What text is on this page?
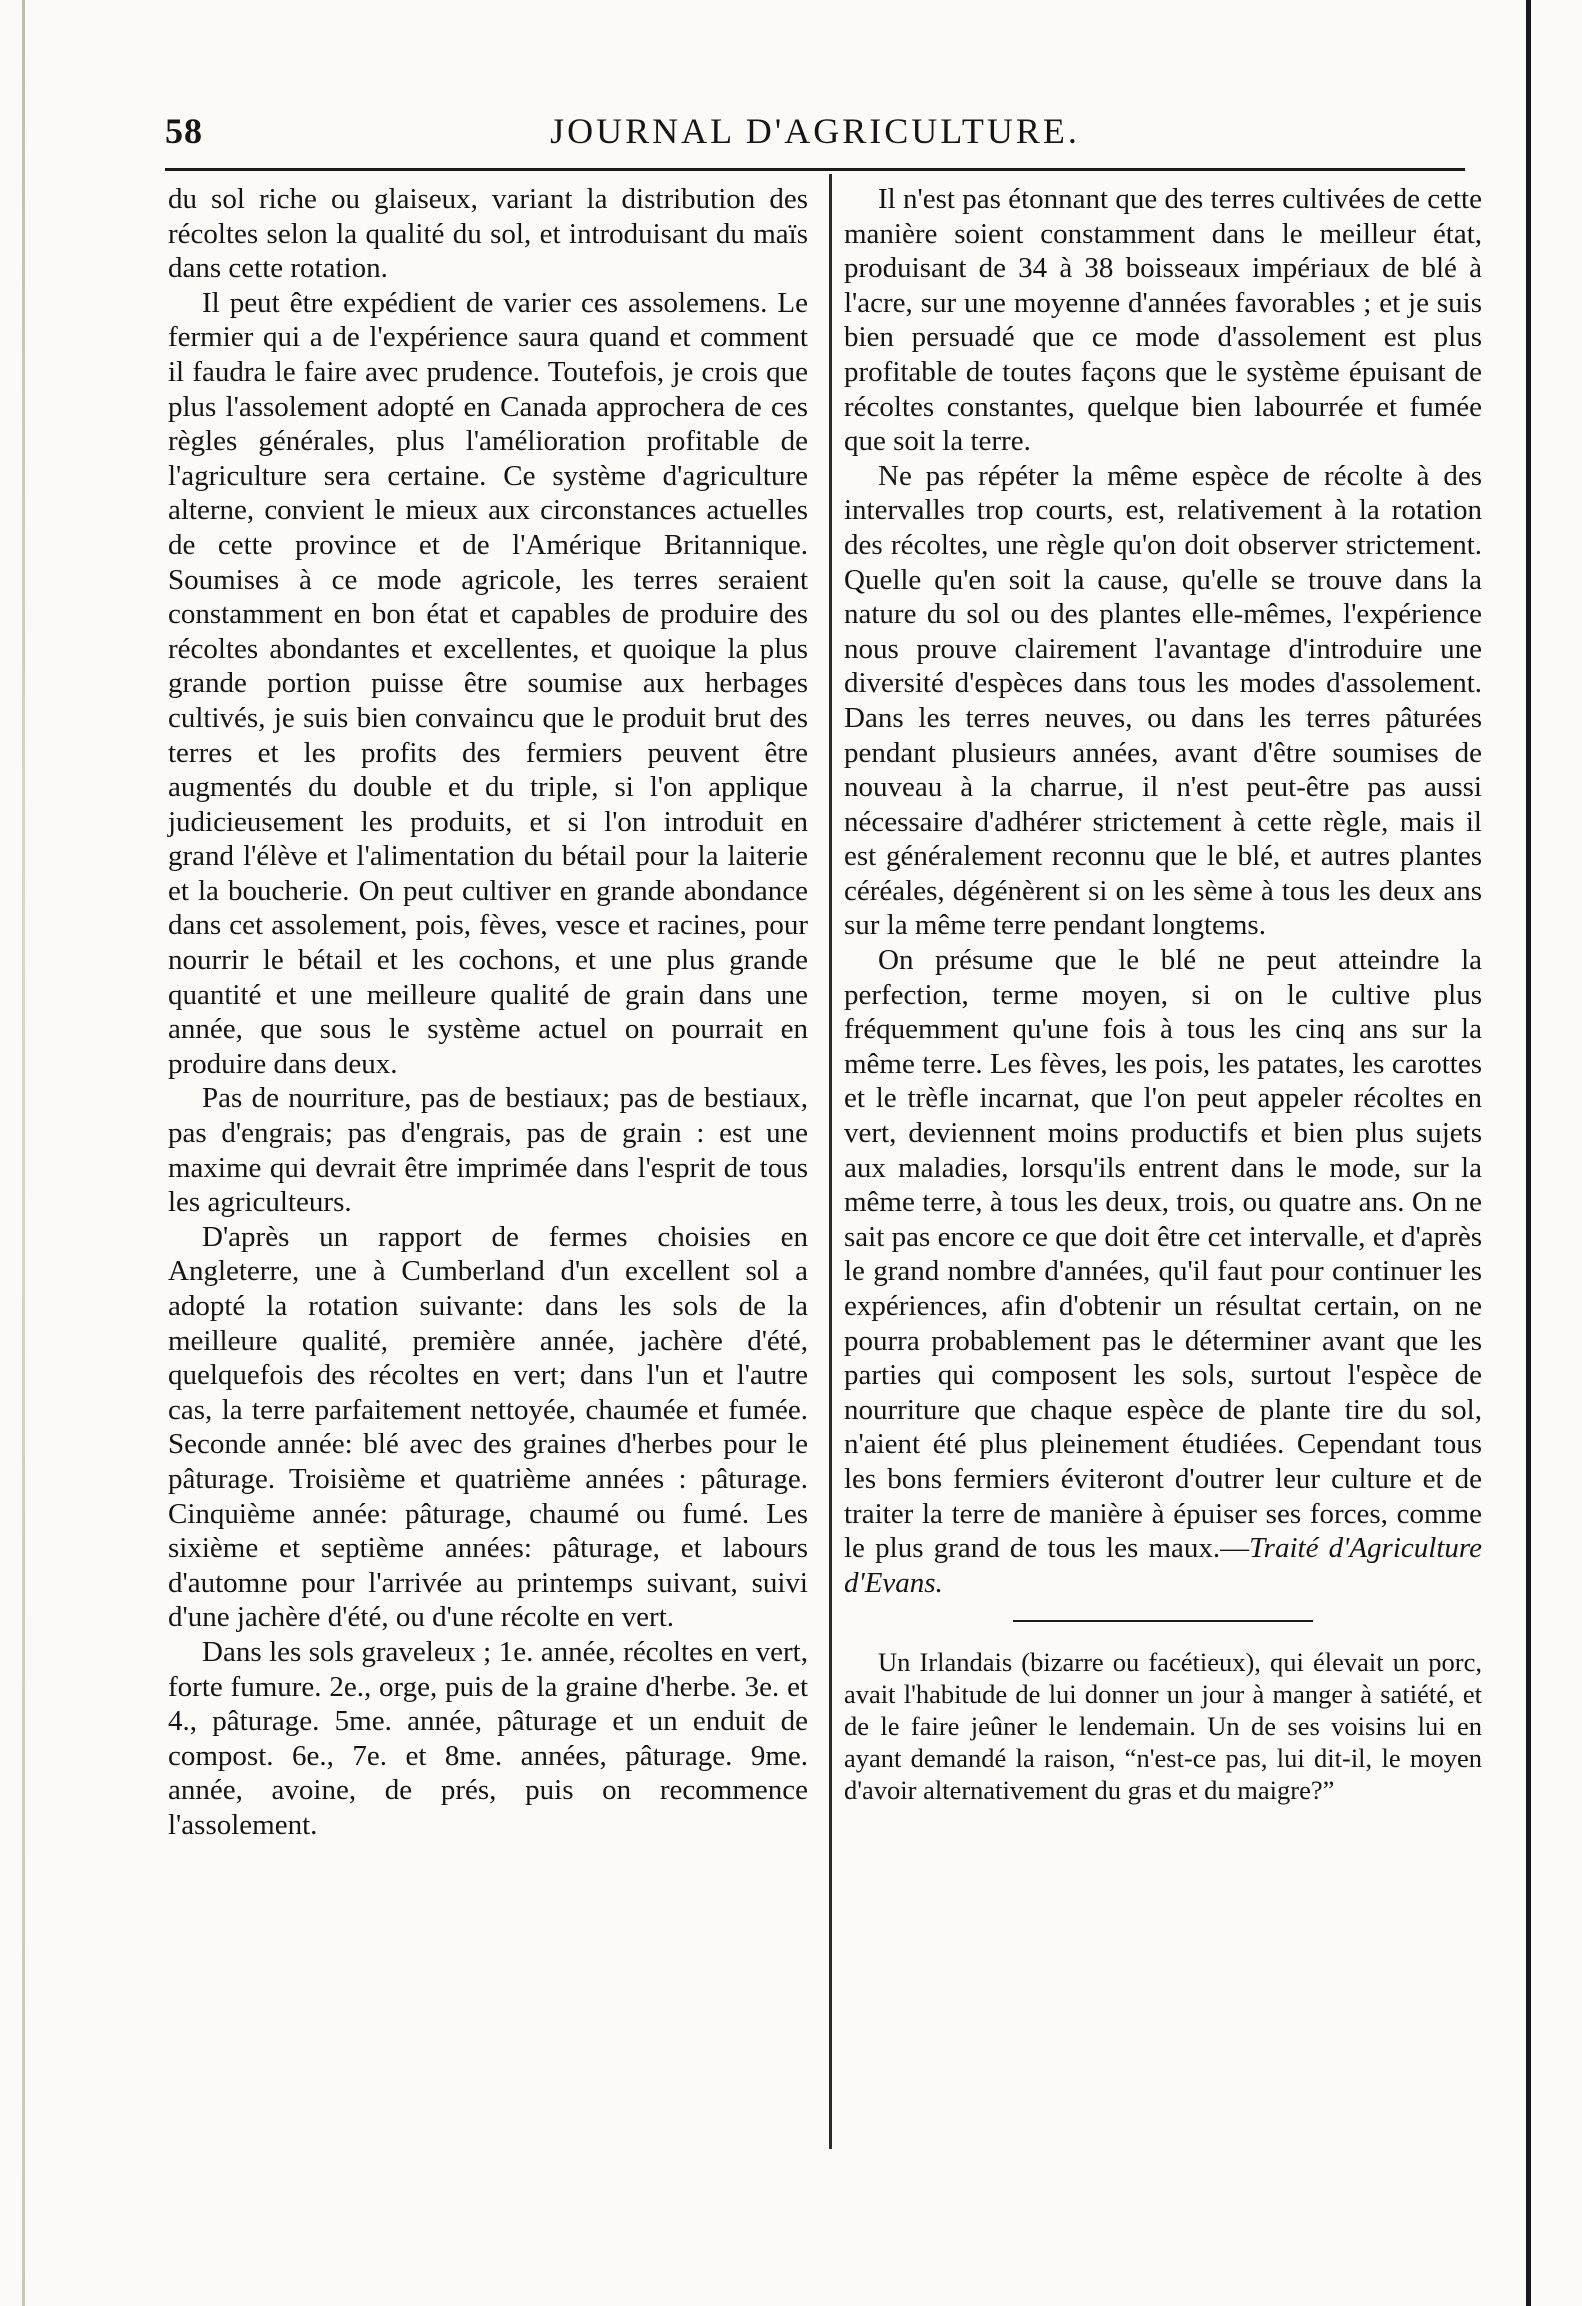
JOURNAL D'AGRICULTURE.
58

du sol riche ou glaiseux, variant la distribution des récoltes selon la qualité du sol, et introduisant du maïs dans cette rotation.

Il peut être expédient de varier ces assolemens. Le fermier qui a de l'expérience saura quand et comment il faudra le faire avec prudence. Toutefois, je crois que plus l'assolement adopté en Canada approchera de ces règles générales, plus l'amélioration profitable de l'agriculture sera certaine. Ce système d'agriculture alterne, convient le mieux aux circonstances actuelles de cette province et de l'Amérique Britannique. Soumises à ce mode agricole, les terres seraient constamment en bon état et capables de produire des récoltes abondantes et excellentes, et quoique la plus grande portion puisse être soumise aux herbages cultivés, je suis bien convaincu que le produit brut des terres et les profits des fermiers peuvent être augmentés du double et du triple, si l'on applique judicieusement les produits, et si l'on introduit en grand l'élève et l'alimentation du bétail pour la laiterie et la boucherie. On peut cultiver en grande abondance dans cet assolement, pois, fèves, vesce et racines, pour nourrir le bétail et les cochons, et une plus grande quantité et une meilleure qualité de grain dans une année, que sous le système actuel on pourrait en produire dans deux.

Pas de nourriture, pas de bestiaux; pas de bestiaux, pas d'engrais; pas d'engrais, pas de grain : est une maxime qui devrait être imprimée dans l'esprit de tous les agriculteurs.

D'après un rapport de fermes choisies en Angleterre, une à Cumberland d'un excellent sol a adopté la rotation suivante: dans les sols de la meilleure qualité, première année, jachère d'été, quelquefois des récoltes en vert; dans l'un et l'autre cas, la terre parfaitement nettoyée, chaumée et fumée. Seconde année: blé avec des graines d'herbes pour le pâturage. Troisième et quatrième années : pâturage. Cinquième année: pâturage, chaumé ou fumé. Les sixième et septième années: pâturage, et labours d'automne pour l'arrivée au printemps suivant, suivi d'une jachère d'été, ou d'une récolte en vert.

Dans les sols graveleux ; 1e. année, récoltes en vert, forte fumure. 2e., orge, puis de la graine d'herbe. 3e. et 4., pâturage. 5me. année, pâturage et un enduit de compost. 6e., 7e. et 8me. années, pâturage. 9me. année, avoine, de prés, puis on recommence l'assolement.

Il n'est pas étonnant que des terres cultivées de cette manière soient constamment dans le meilleur état, produisant de 34 à 38 boisseaux impériaux de blé à l'acre, sur une moyenne d'années favorables ; et je suis bien persuadé que ce mode d'assolement est plus profitable de toutes façons que le système épuisant de récoltes constantes, quelque bien labourrée et fumée que soit la terre.

Ne pas répéter la même espèce de récolte à des intervalles trop courts, est, relativement à la rotation des récoltes, une règle qu'on doit observer strictement. Quelle qu'en soit la cause, qu'elle se trouve dans la nature du sol ou des plantes elle-mêmes, l'expérience nous prouve clairement l'avantage d'introduire une diversité d'espèces dans tous les modes d'assolement. Dans les terres neuves, ou dans les terres pâturées pendant plusieurs années, avant d'être soumises de nouveau à la charrue, il n'est peut-être pas aussi nécessaire d'adhérer strictement à cette règle, mais il est généralement reconnu que le blé, et autres plantes céréales, dégénèrent si on les sème à tous les deux ans sur la même terre pendant longtems.

On présume que le blé ne peut atteindre la perfection, terme moyen, si on le cultive plus fréquemment qu'une fois à tous les cinq ans sur la même terre. Les fèves, les pois, les patates, les carottes et le trèfle incarnat, que l'on peut appeler récoltes en vert, deviennent moins productifs et bien plus sujets aux maladies, lorsqu'ils entrent dans le mode, sur la même terre, à tous les deux, trois, ou quatre ans. On ne sait pas encore ce que doit être cet intervalle, et d'après le grand nombre d'années, qu'il faut pour continuer les expériences, afin d'obtenir un résultat certain, on ne pourra probablement pas le déterminer avant que les parties qui composent les sols, surtout l'espèce de nourriture que chaque espèce de plante tire du sol, n'aient été plus pleinement étudiées. Cependant tous les bons fermiers éviteront d'outrer leur culture et de traiter la terre de manière à épuiser ses forces, comme le plus grand de tous les maux.—Traité d'Agriculture d'Evans.

Un Irlandais (bizarre ou facétieux), qui élevait un porc, avait l'habitude de lui donner un jour à manger à satiété, et de le faire jeûner le lendemain. Un de ses voisins lui en ayant demandé la raison, “n'est-ce pas, lui dit-il, le moyen d'avoir alternativement du gras et du maigre?”
